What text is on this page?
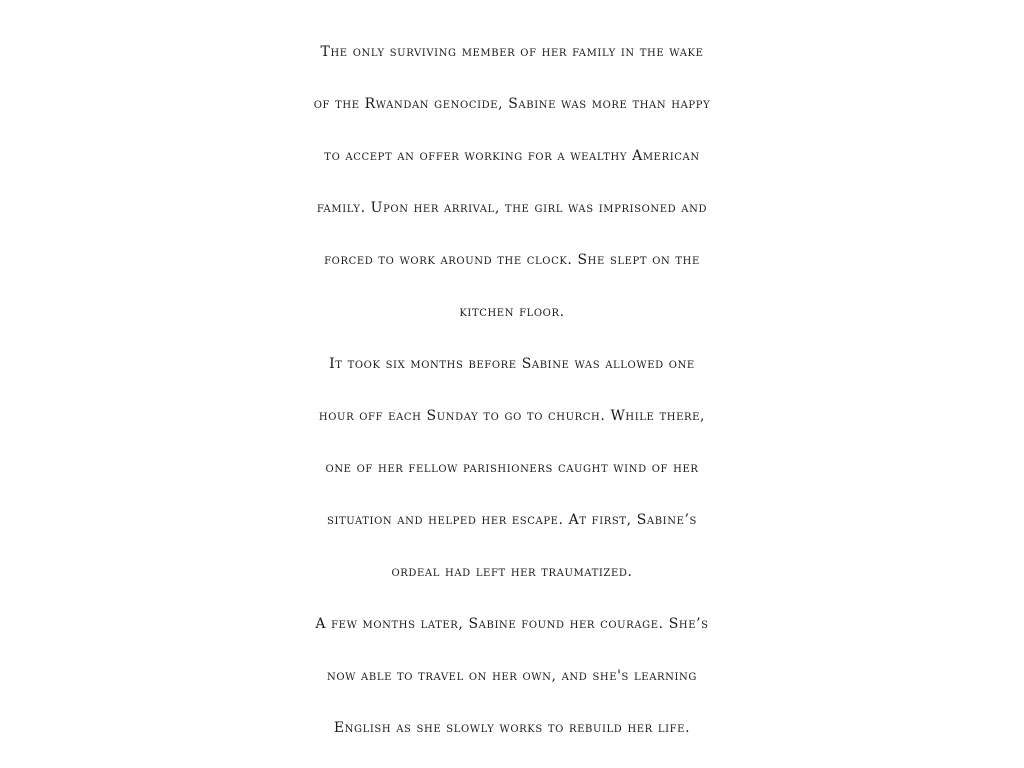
The only surviving member of her family in the wake
of the Rwandan genocide, Sabine was more than happy
to accept an offer working for a wealthy American
family. Upon her arrival, the girl was imprisoned and
forced to work around the clock. She slept on the
kitchen floor.
It took six months before Sabine was allowed one
hour off each Sunday to go to church. While there,
one of her fellow parishioners caught wind of her
situation and helped her escape. At first, Sabine’s
ordeal had left her traumatized.
A few months later, Sabine found her courage. She’s
now able to travel on her own, and she's learning
English as she slowly works to rebuild her life.
